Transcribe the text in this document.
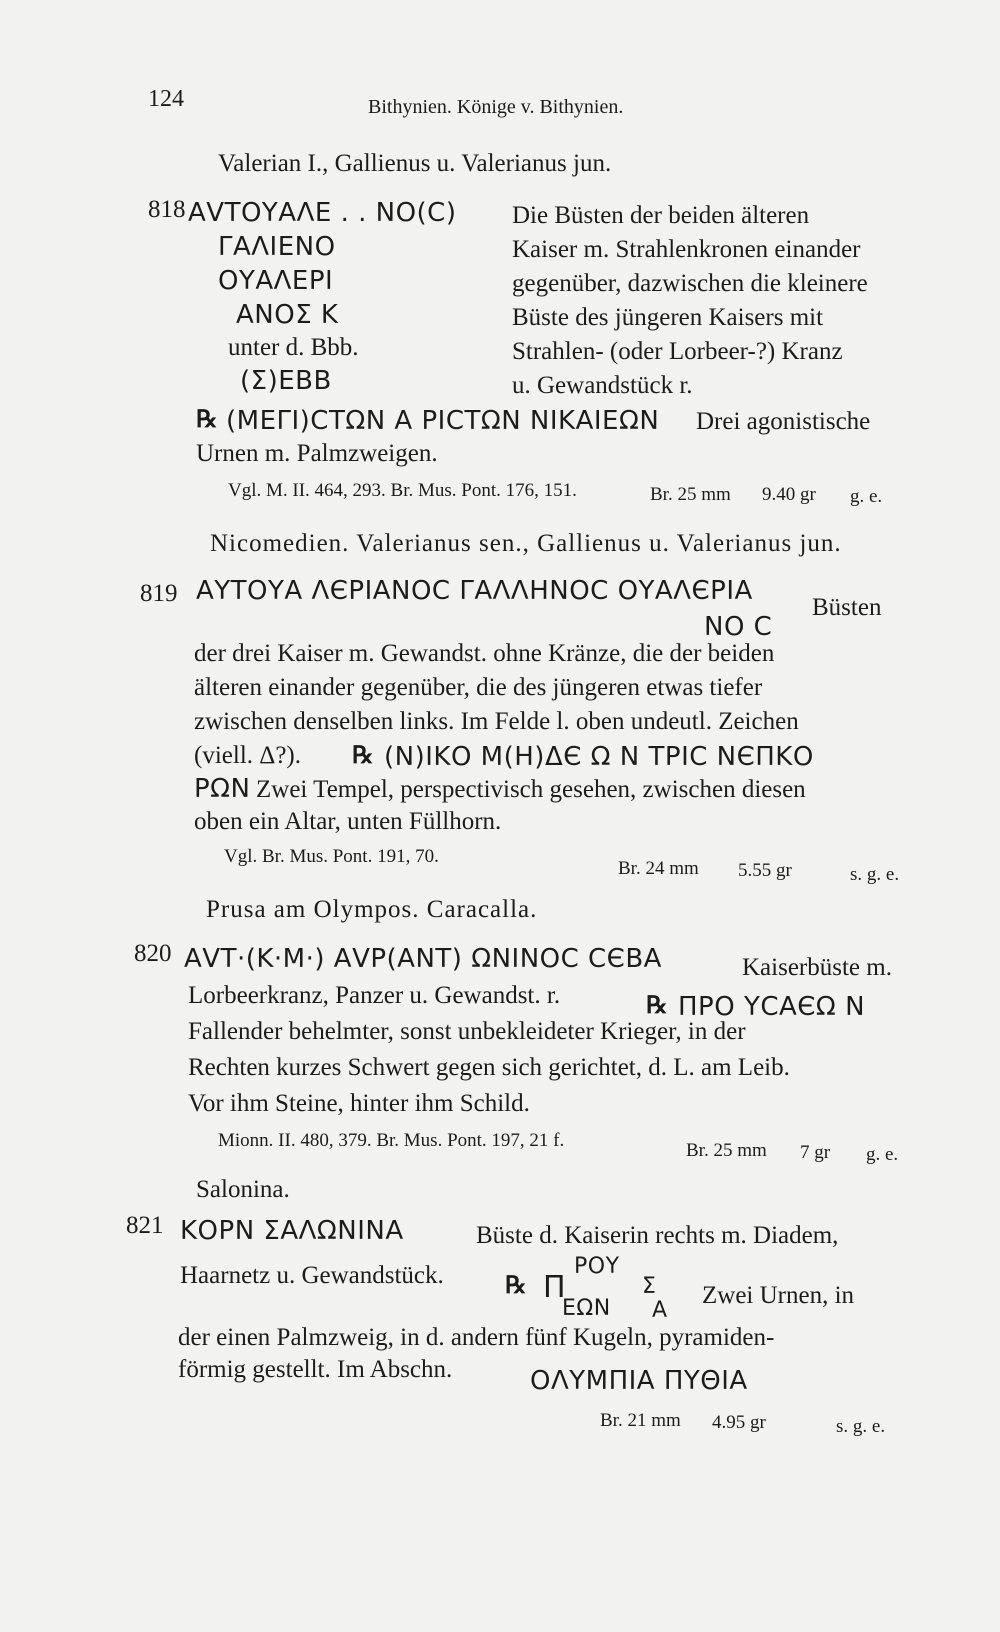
124	Bithynien. Könige v. Bithynien.
Valerian I., Gallienus u. Valerianus jun.
818 ΑVΤΟΥΑΛΕ . . ΝΟ(C)
ΓΑΛΙΕΝΟ
ΟΥΑΛΕΡΙ
ΑΝΟΣ Κ
unter d. Bbb.
(Σ)ΕΒΒ
Die Büsten der beiden älteren
Kaiser m. Strahlenkronen einander
gegenüber, dazwischen die kleinere
Büste des jüngeren Kaisers mit
Strahlen- (oder Lorbeer-?) Kranz
u. Gewandstück r.
℞ (ΜΕΓΙ)CΤΩΝ Α ΡΙCΤΩΝ ΝΙΚΑΙΕΩΝ Drei agonistische
Urnen m. Palmzweigen.
Vgl. M. II. 464, 293. Br. Mus. Pont. 176, 151.	Br. 25 mm 9.40 gr g. e.
Nicomedien. Valerianus sen., Gallienus u. Valerianus jun.
819 ΑΥΤΟΥΑ ΛЄΡΙΑΝΟC ΓΑΛΛΗΝΟC ΟΥΑΛЄΡΙΑ
Büsten
ΝΟ C
der drei Kaiser m. Gewandst. ohne Kränze, die der beiden
älteren einander gegenüber, die des jüngeren etwas tiefer
zwischen denselben links. Im Felde l. oben undeutl. Zeichen
(viell. Δ?). ℞ (Ν)ΙΚΟ Μ(Η)ΔЄ Ω Ν ΤΡΙC ΝЄΠΚΟ
ΡΩΝ Zwei Tempel, perspectivisch gesehen, zwischen diesen
oben ein Altar, unten Füllhorn.
Vgl. Br. Mus. Pont. 191, 70.
Br. 24 mm 5.55 gr	s. g. e.
Prusa am Olympos. Caracalla.
820 ΑVΤ·(Κ·Μ·) ΑVΡ(ΑΝΤ) ΩΝΙΝΟC CЄΒΑ	Kaiserbüste m.
Lorbeerkranz, Panzer u. Gewandst. r.	℞ ΠΡΟ ΥCΑЄΩ Ν
Fallender behelmter, sonst unbekleideter Krieger, in der
Rechten kurzes Schwert gegen sich gerichtet, d. L. am Leib.
Vor ihm Steine, hinter ihm Schild.
Mionn. II. 480, 379. Br. Mus. Pont. 197, 21 f.	Br. 25 mm 7 gr g. e.
Salonina.
821 ΚΟΡΝ ΣΑΛΩΝΙΝΑ	Büste d. Kaiserin rechts m. Diadem,
Haarnetz u. Gewandstück.	℞ Π
ΡΟΥ
Σ
ΕΩΝ Α
Zwei Urnen, in
der einen Palmzweig, in d. andern fünf Kugeln, pyramiden-
förmig gestellt. Im Abschn.	ΟΛΥΜΠΙΑ ΠΥΘΙΑ
Br. 21 mm 4.95 gr	s. g. e.
